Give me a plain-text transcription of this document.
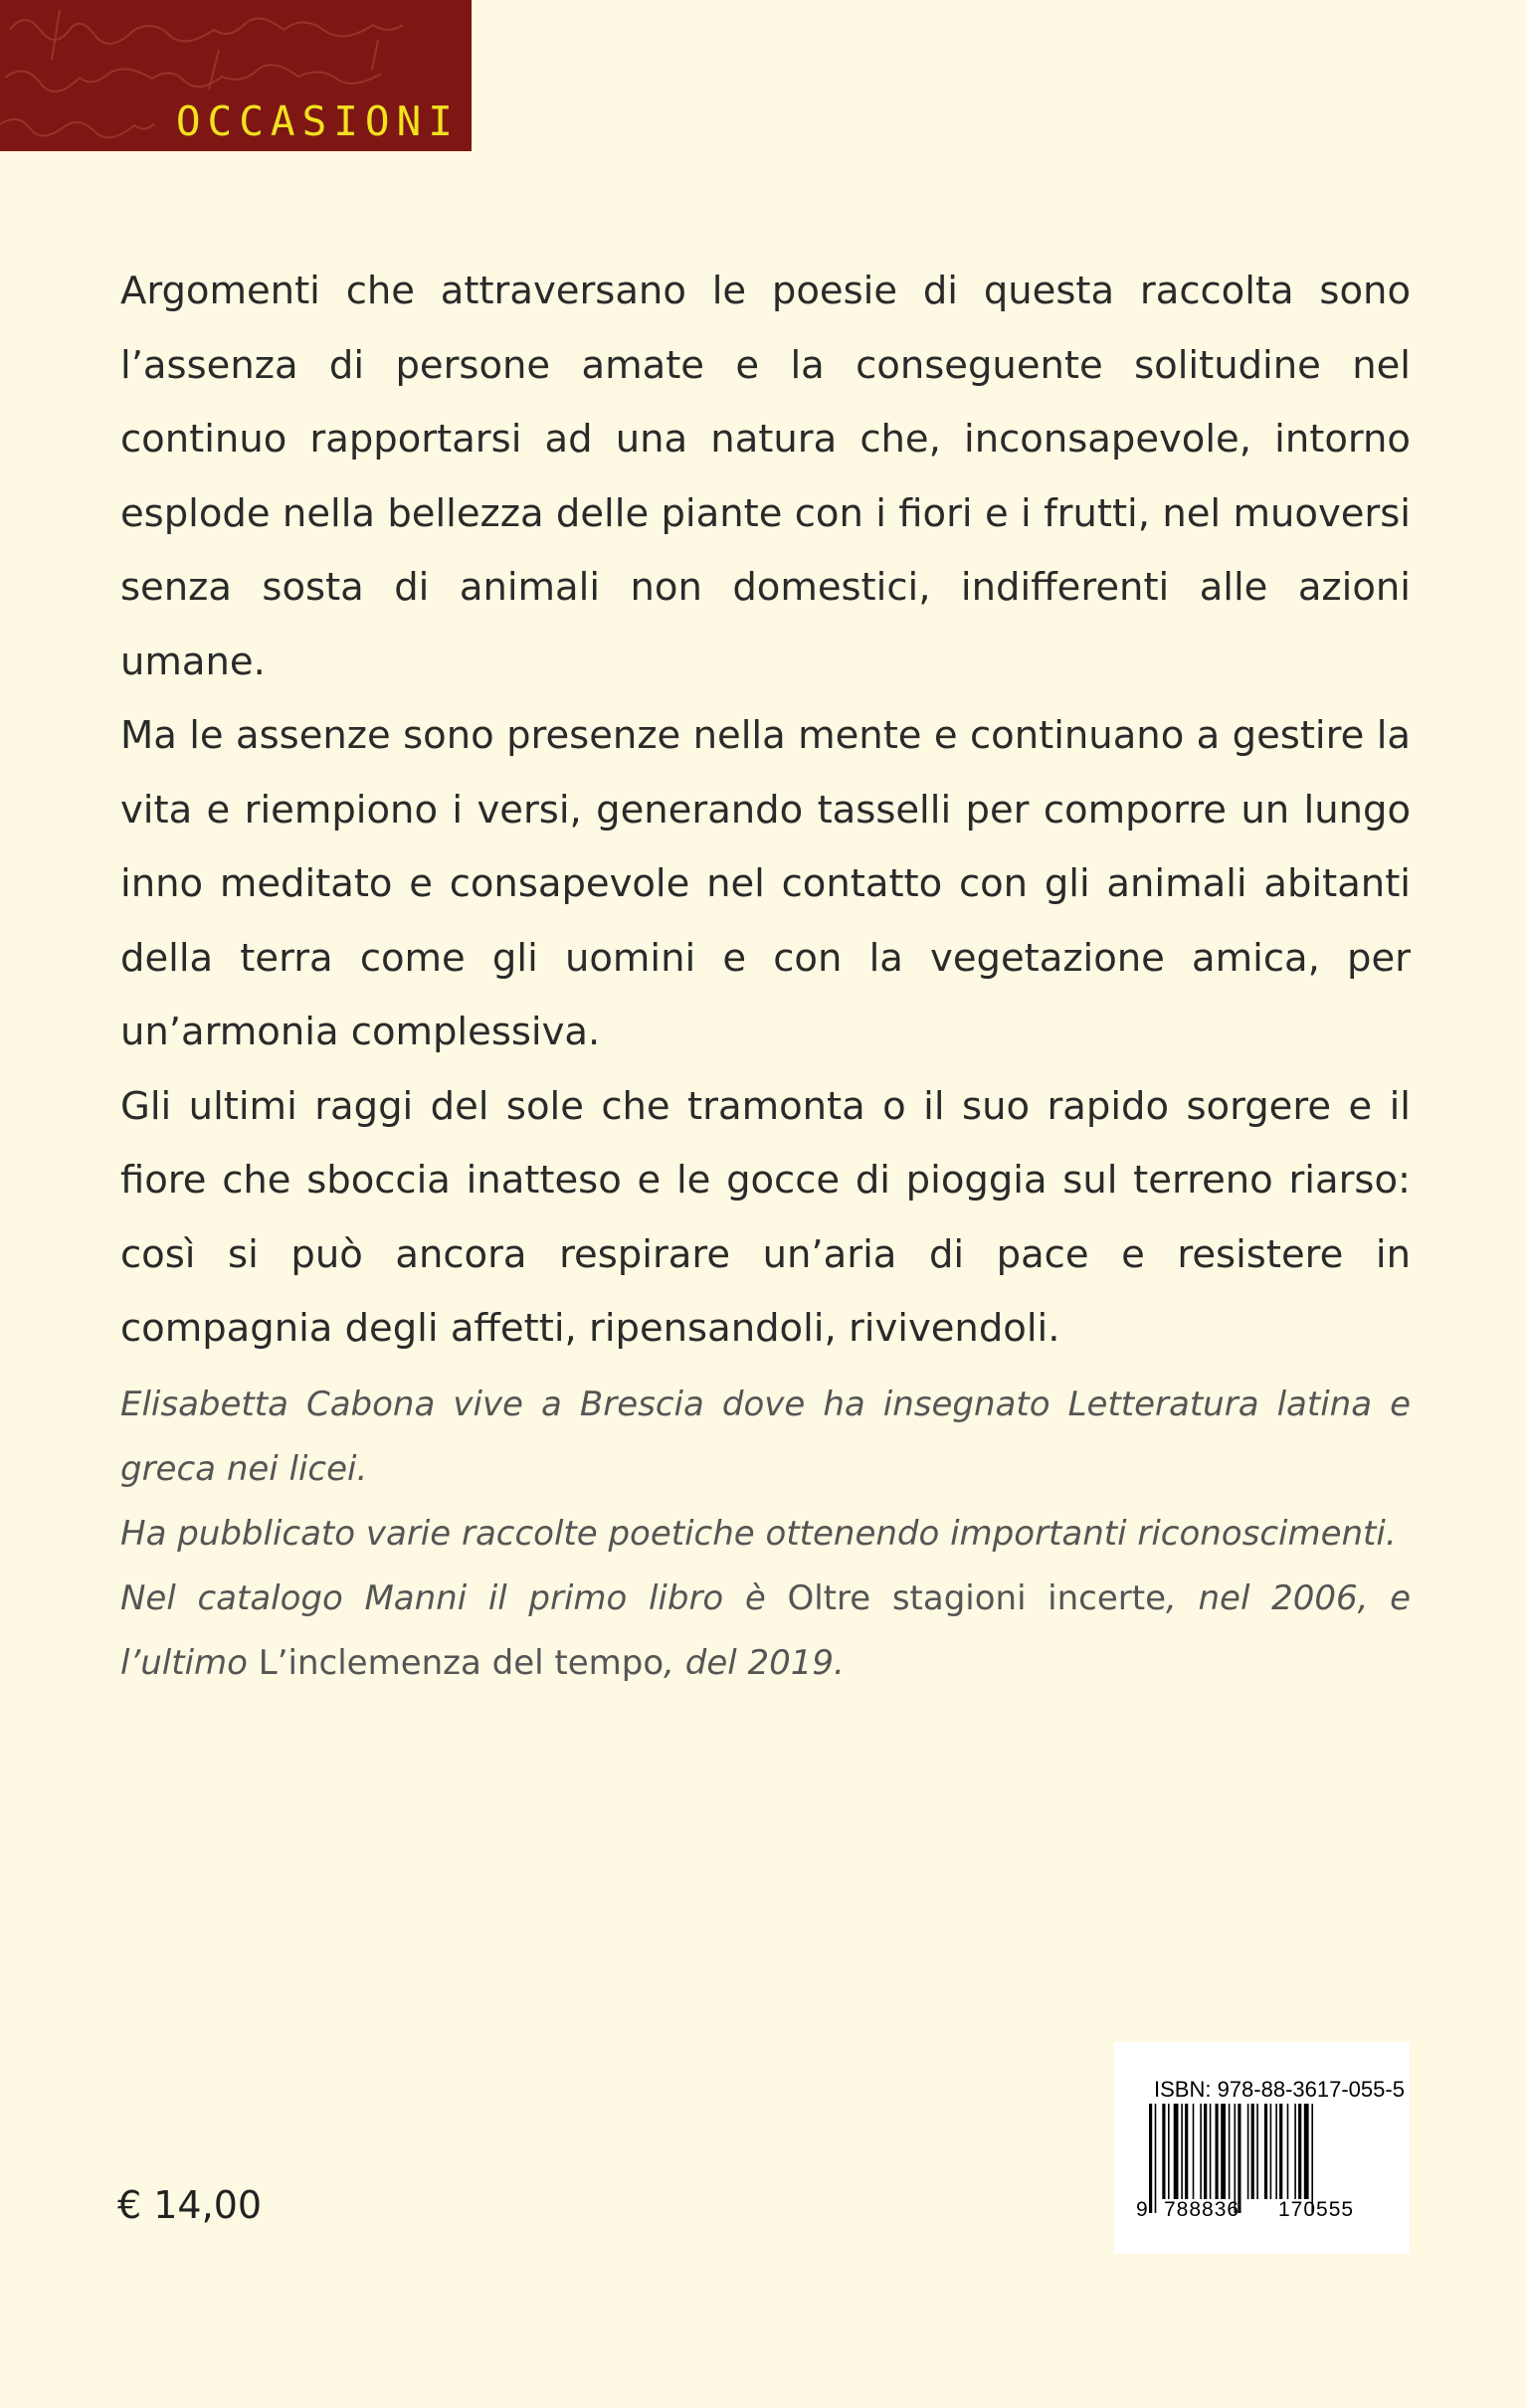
OCCASIONI

Argomenti che attraversano le poesie di questa raccolta sono l’assenza di persone amate e la conseguente solitudine nel continuo rapportarsi ad una natura che, inconsapevole, intorno esplode nella bellezza delle piante con i fiori e i frutti, nel muoversi senza sosta di animali non domestici, indifferenti alle azioni umane.

Ma le assenze sono presenze nella mente e continuano a gestire la vita e riempiono i versi, generando tasselli per comporre un lungo inno meditato e consapevole nel contatto con gli animali abitanti della terra come gli uomini e con la vegetazione amica, per un’armonia complessiva.

Gli ultimi raggi del sole che tramonta o il suo rapido sorgere e il fiore che sboccia inatteso e le gocce di pioggia sul terreno riarso: così si può ancora respirare un’aria di pace e resistere in compagnia degli affetti, ripensandoli, rivivendoli.

Elisabetta Cabona vive a Brescia dove ha insegnato Letteratura latina e greca nei licei.

Ha pubblicato varie raccolte poetiche ottenendo importanti riconoscimenti.

Nel catalogo Manni il primo libro è Oltre stagioni incerte, nel 2006, e l’ultimo L’inclemenza del tempo, del 2019.

€ 14,00
ISBN: 978-88-3617-055-5
9 788836 170555
